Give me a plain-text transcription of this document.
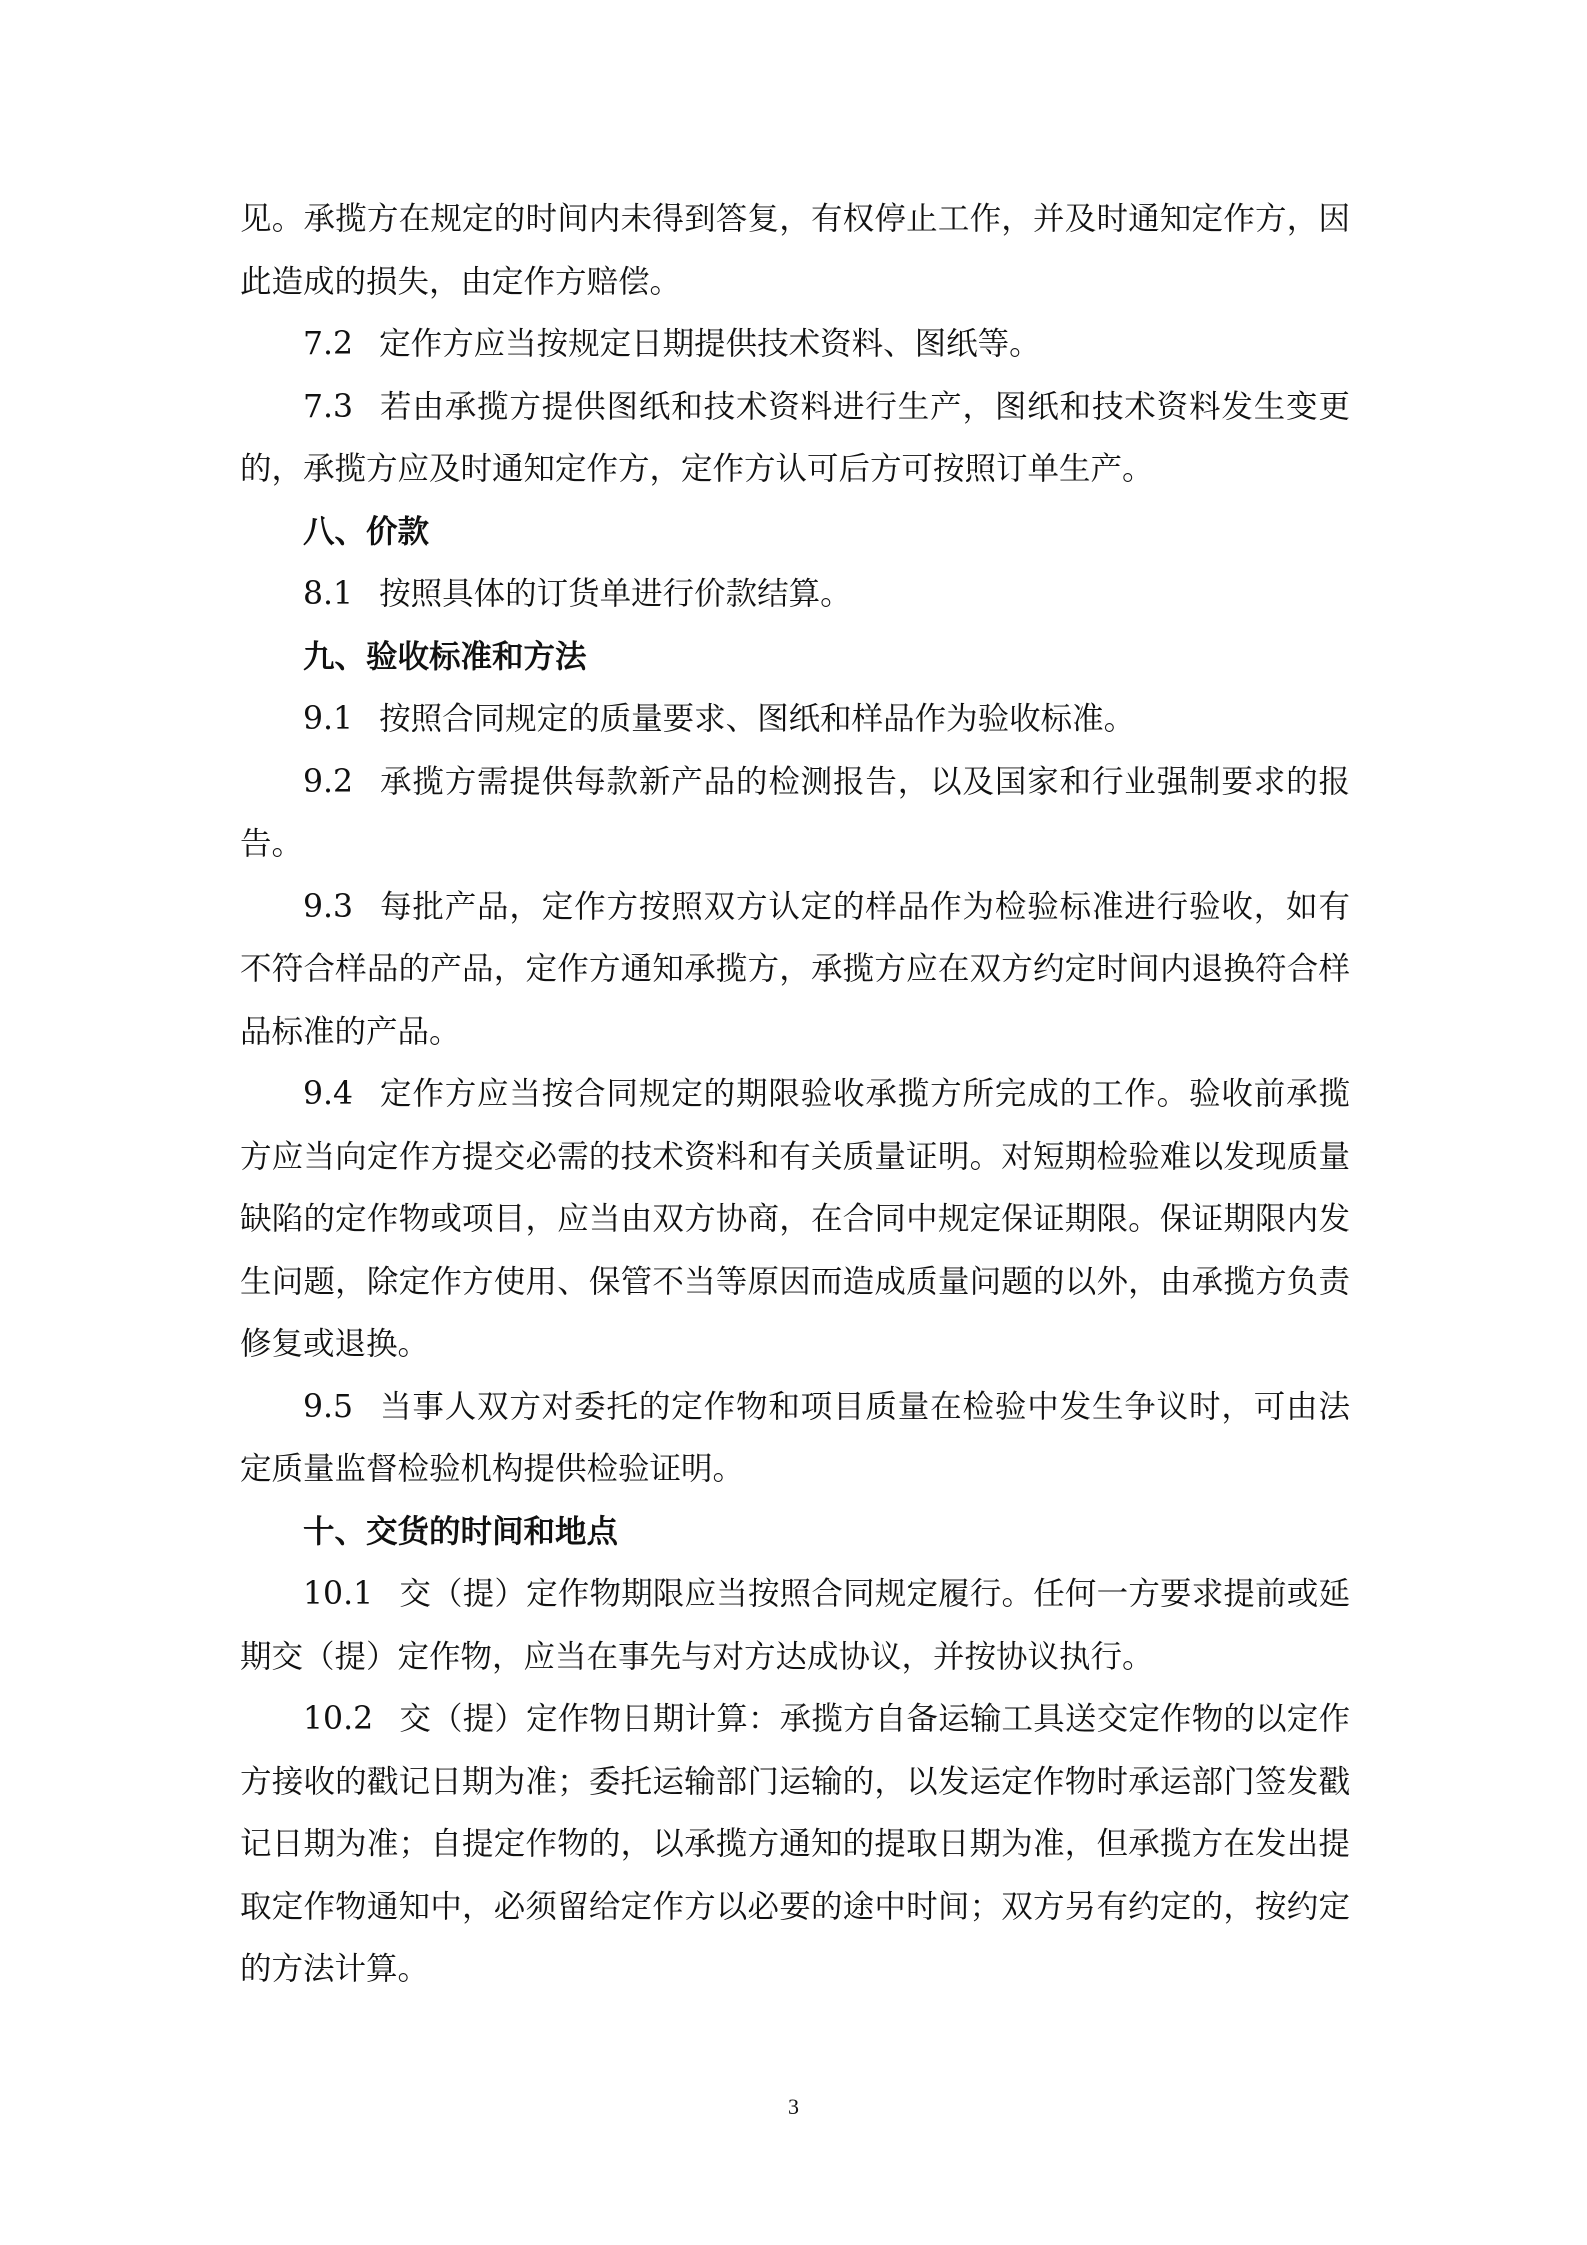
见。承揽方在规定的时间内未得到答复，有权停止工作，并及时通知定作方，因此造成的损失，由定作方赔偿。

7.2 定作方应当按规定日期提供技术资料、图纸等。

7.3 若由承揽方提供图纸和技术资料进行生产，图纸和技术资料发生变更的，承揽方应及时通知定作方，定作方认可后方可按照订单生产。

八、价款

8.1 按照具体的订货单进行价款结算。

九、验收标准和方法

9.1 按照合同规定的质量要求、图纸和样品作为验收标准。

9.2 承揽方需提供每款新产品的检测报告，以及国家和行业强制要求的报告。

9.3 每批产品，定作方按照双方认定的样品作为检验标准进行验收，如有不符合样品的产品，定作方通知承揽方，承揽方应在双方约定时间内退换符合样品标准的产品。

9.4 定作方应当按合同规定的期限验收承揽方所完成的工作。验收前承揽方应当向定作方提交必需的技术资料和有关质量证明。对短期检验难以发现质量缺陷的定作物或项目，应当由双方协商，在合同中规定保证期限。保证期限内发生问题，除定作方使用、保管不当等原因而造成质量问题的以外，由承揽方负责修复或退换。

9.5 当事人双方对委托的定作物和项目质量在检验中发生争议时，可由法定质量监督检验机构提供检验证明。

十、交货的时间和地点

10.1 交（提）定作物期限应当按照合同规定履行。任何一方要求提前或延期交（提）定作物，应当在事先与对方达成协议，并按协议执行。

10.2 交（提）定作物日期计算：承揽方自备运输工具送交定作物的以定作方接收的戳记日期为准；委托运输部门运输的，以发运定作物时承运部门签发戳记日期为准；自提定作物的，以承揽方通知的提取日期为准，但承揽方在发出提取定作物通知中，必须留给定作方以必要的途中时间；双方另有约定的，按约定的方法计算。

3
